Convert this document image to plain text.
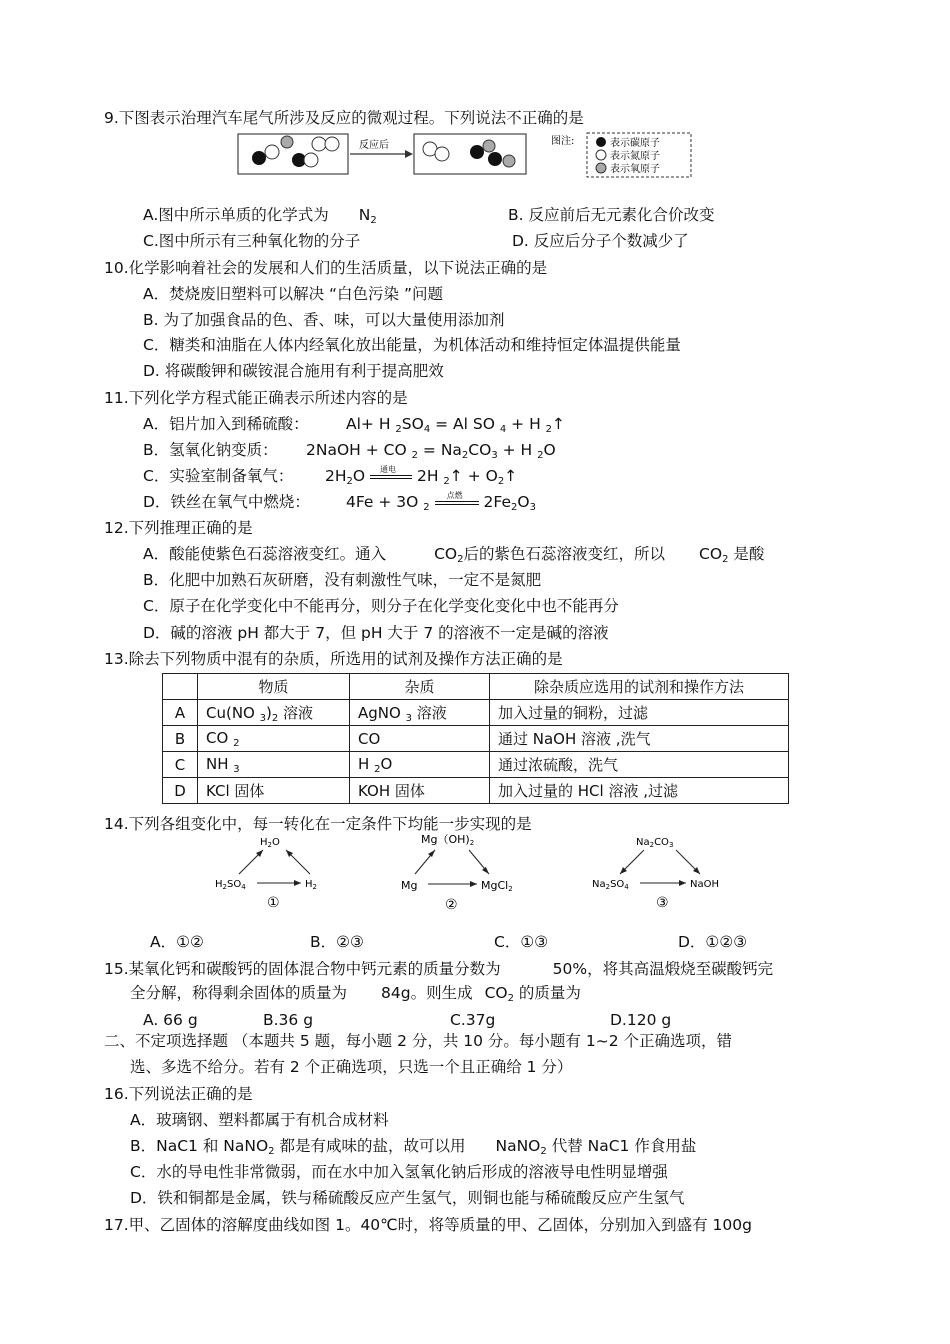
9.下图表示治理汽车尾气所涉及反应的微观过程。下列说法不正确的是
反应后	图注:	表示碳原子
表示氮原子
表示氧原子
A.图中所示单质的化学式为 $N_2$	B. 反应前后无元素化合价改变
C.图中所示有三种氧化物的分子	D. 反应后分子个数减少了
10.化学影响着社会的发展和人们的生活质量，以下说法正确的是
A．焚烧废旧塑料可以解决 “白色污染 ”问题
B. 为了加强食品的色、香、味，可以大量使用添加剂
C．糖类和油脂在人体内经氧化放出能量，为机体活动和维持恒定体温提供能量
D. 将碳酸钾和碳铵混合施用有利于提高肥效
11.下列化学方程式能正确表示所述内容的是
A．铝片加入到稀硫酸： Al+ H $_2SO_4 = Al$ SO $_4$ + H $_2$↑
B．氢氧化钠变质： 2NaOH + CO $_2 = Na_2CO_3 + H$ $_2$O
C．实验室制备氧气： $2H_2O$ 通电 2H $_2$↑ + $O_2↑$
D．铁丝在氧气中燃烧： 4Fe + 3O $_2$
点燃 $2Fe_2O_3$
12.下列推理正确的是
A．酸能使紫色石蕊溶液变红。通入	$CO_2$后的紫色石蕊溶液变红，所以 $CO_2$ 是酸
B．化肥中加熟石灰研磨，没有刺激性气味，一定不是氮肥
C．原子在化学变化中不能再分，则分子在化学变化变化中也不能再分
D．碱的溶液 pH 都大于 7，但 pH 大于 7 的溶液不一定是碱的溶液
13.除去下列物质中混有的杂质，所选用的试剂及操作方法正确的是
	物质	杂质	除杂质应选用的试剂和操作方法
A	Cu(NO $_3)_2$ 溶液	AgNO $_3$ 溶液	加入过量的铜粉，过滤
B	CO $_2$	CO	通过 NaOH 溶液 ,洗气
C	NH $_3$	H $_2$O	通过浓硫酸，洗气
D	KCl 固体	KOH 固体	加入过量的 HCl 溶液 ,过滤
14.下列各组变化中，每一转化在一定条件下均能一步实现的是
$H_2O$
$H_2SO_4$	$H_2$
①
Mg（OH)2
Mg	MgCl2
②
$Na_2CO_3$
$Na_2SO_4$	NaOH
③
A．①②	B．②③	C．①③	D．①②③
15.某氧化钙和碳酸钙的固体混合物中钙元素的质量分数为	50%，将其高温煅烧至碳酸钙完
全分解，称得剩余固体的质量为 84g。则生成 $CO_2$ 的质量为
A. 66 g	B.36 g	C.37g	D.120 g
二、不定项选择题 （本题共 5 题，每小题 2 分，共 10 分。每小题有 1~2 个正确选项，错
选、多选不给分。若有 2 个正确选项，只选一个且正确给 1 分）
16.下列说法正确的是
A．玻璃钢、塑料都属于有机合成材料
B．NaC1 和 NaNO$_2$ 都是有咸味的盐，故可以用 NaNO$_2$ 代替 NaC1 作食用盐
C．水的导电性非常微弱，而在水中加入氢氧化钠后形成的溶液导电性明显增强
D．铁和铜都是金属，铁与稀硫酸反应产生氢气，则铜也能与稀硫酸反应产生氢气
17.甲、乙固体的溶解度曲线如图 1。40℃时，将等质量的甲、乙固体，分别加入到盛有 100g
